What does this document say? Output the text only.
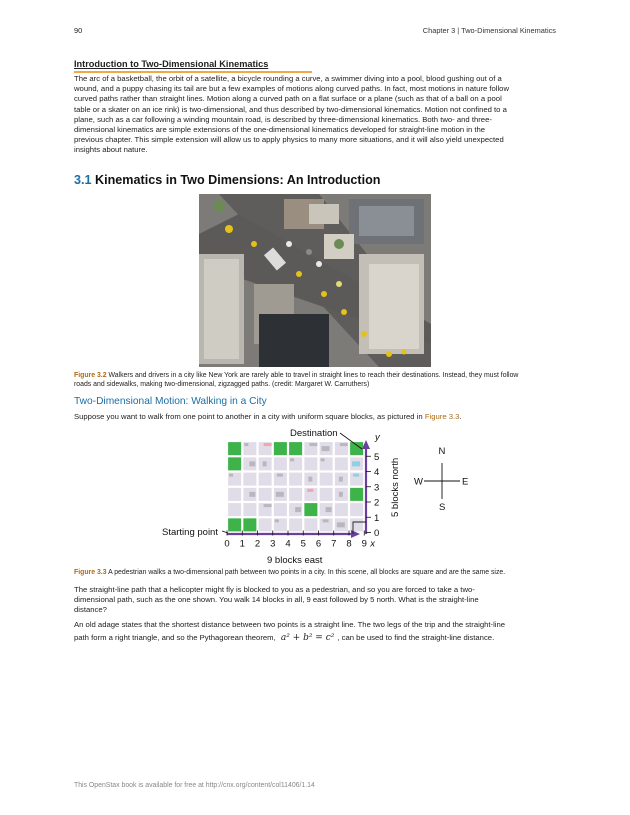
90	Chapter 3 | Two-Dimensional Kinematics
Introduction to Two-Dimensional Kinematics
The arc of a basketball, the orbit of a satellite, a bicycle rounding a curve, a swimmer diving into a pool, blood gushing out of a
wound, and a puppy chasing its tail are but a few examples of motions along curved paths. In fact, most motions in nature follow
curved paths rather than straight lines. Motion along a curved path on a flat surface or a plane (such as that of a ball on a pool
table or a skater on an ice rink) is two-dimensional, and thus described by two-dimensional kinematics. Motion not confined to a
plane, such as a car following a winding mountain road, is described by three-dimensional kinematics. Both two- and three-
dimensional kinematics are simple extensions of the one-dimensional kinematics developed for straight-line motion in the
previous chapter. This simple extension will allow us to apply physics to many more situations, and it will also yield unexpected
insights about nature.
3.1 Kinematics in Two Dimensions: An Introduction
Figure 3.2 Walkers and drivers in a city like New York are rarely able to travel in straight lines to reach their destinations. Instead, they must follow
roads and sidewalks, making two-dimensional, zigzagged paths. (credit: Margaret W. Carruthers)
Two-Dimensional Motion: Walking in a City
Suppose you want to walk from one point to another in a city with uniform square blocks, as pictured in Figure 3.3.
0 1 2 3 4 5 6 7 8 9 x
0
1
2
3
4
5
y
Destination
Starting point
9 blocks east
5 blocks north
N
S
E
W
Figure 3.3 A pedestrian walks a two-dimensional path between two points in a city. In this scene, all blocks are square and are the same size.
The straight-line path that a helicopter might fly is blocked to you as a pedestrian, and so you are forced to take a two-
dimensional path, such as the one shown. You walk 14 blocks in all, 9 east followed by 5 north. What is the straight-line
distance?
An old adage states that the shortest distance between two points is a straight line. The two legs of the trip and the straight-line
path form a right triangle, and so the Pythagorean theorem, a² + b² = c² , can be used to find the straight-line distance.
This OpenStax book is available for free at http://cnx.org/content/col11406/1.14
